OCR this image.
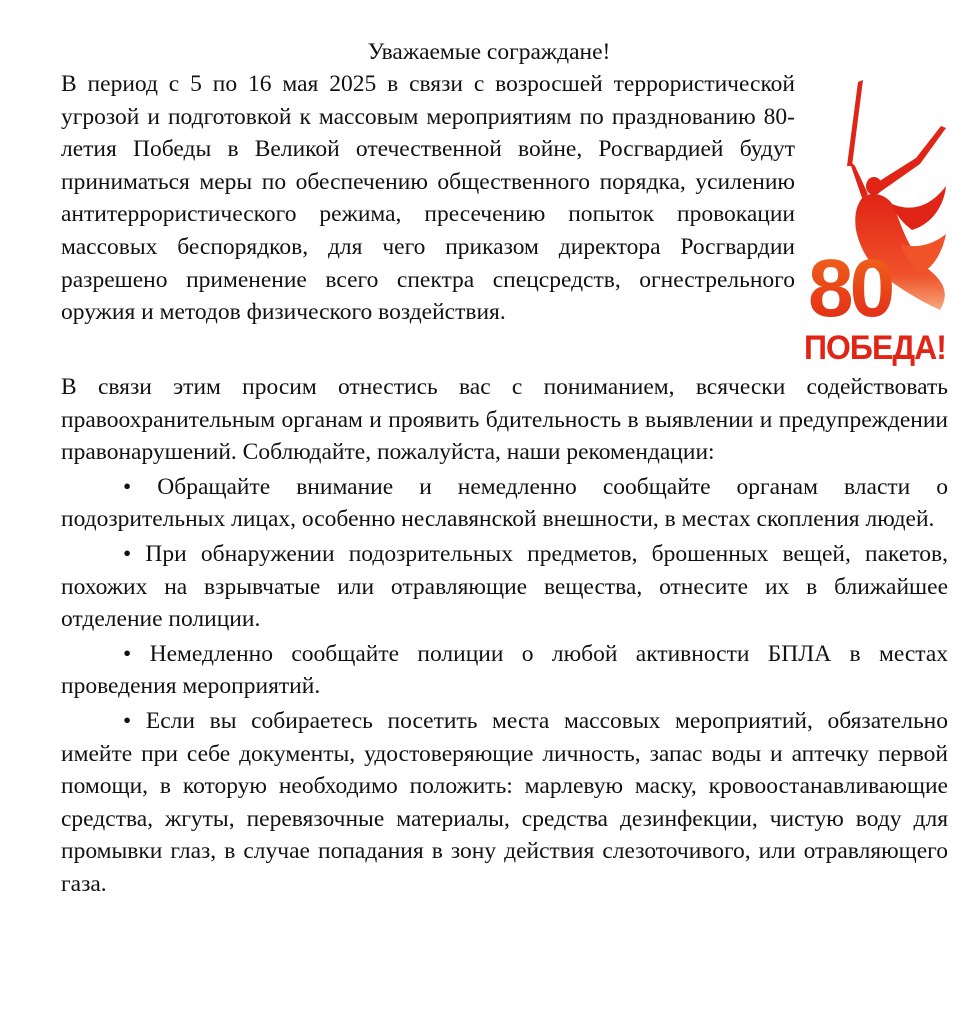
Уважаемые сограждане!

В период с 5 по 16 мая 2025 в связи с возросшей террористической угрозой и подготовкой к массовым мероприятиям по празднованию 80-летия Победы в Великой отечественной войне, Росгвардией будут приниматься меры по обеспечению общественного порядка, усилению антитеррористического режима, пресечению попыток провокации массовых беспорядков, для чего приказом директора Росгвардии разрешено применение всего спектра спецсредств, огнестрельного оружия и методов физического воздействия.	80
ПОБЕДА!

В связи этим просим отнестись вас с пониманием, всячески содействовать правоохранительным органам и проявить бдительность в выявлении и предупреждении правонарушений. Соблюдайте, пожалуйста, наши рекомендации:

• Обращайте внимание и немедленно сообщайте органам власти о подозрительных лицах, особенно неславянской внешности, в местах скопления людей.

• При обнаружении подозрительных предметов, брошенных вещей, пакетов, похожих на взрывчатые или отравляющие вещества, отнесите их в ближайшее отделение полиции.

• Немедленно сообщайте полиции о любой активности БПЛА в местах проведения мероприятий.

• Если вы собираетесь посетить места массовых мероприятий, обязательно имейте при себе документы, удостоверяющие личность, запас воды и аптечку первой помощи, в которую необходимо положить: марлевую маску, кровоостанавливающие средства, жгуты, перевязочные материалы, средства дезинфекции, чистую воду для промывки глаз, в случае попадания в зону действия слезоточивого, или отравляющего газа.
